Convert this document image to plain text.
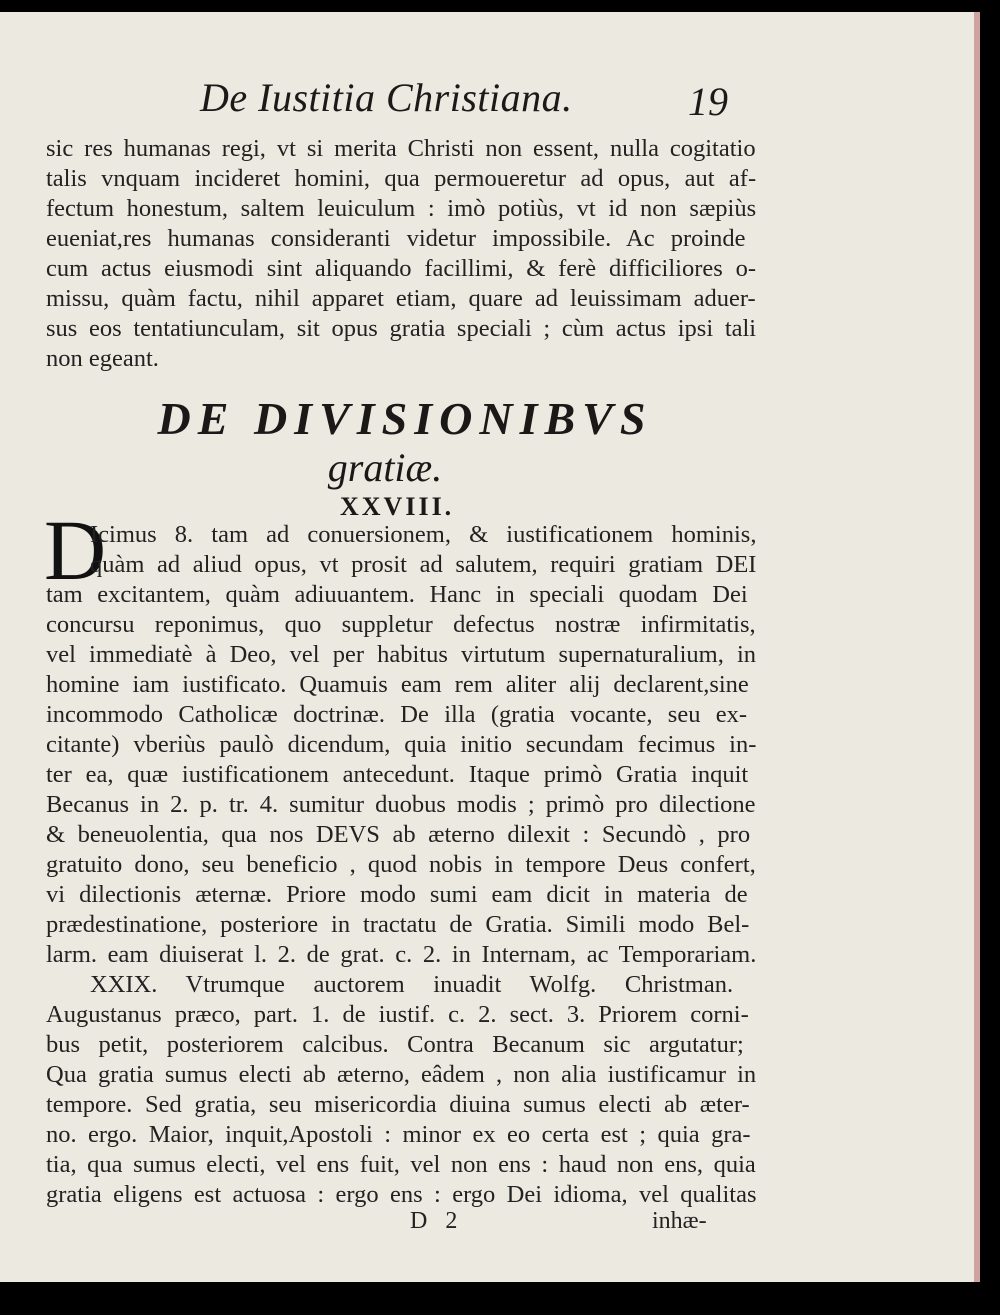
De Iustitia Christiana.	19
sic res humanas regi, vt si merita Christi non essent, nulla cogitatio
talis vnquam incideret homini, qua permoueretur ad opus, aut af-
fectum honestum, saltem leuiculum : imò potiùs, vt id non sæpiùs
eueniat,res humanas consideranti videtur impossibile. Ac proinde
cum actus eiusmodi sint aliquando facillimi, & ferè difficiliores o-
missu, quàm factu, nihil apparet etiam, quare ad leuissimam aduer-
sus eos tentatiunculam, sit opus gratia speciali ; cùm actus ipsi tali
non egeant.
DE DIVISIONIBVS
gratiæ.
XXVIII.
D
Icimus 8. tam ad conuersionem, & iustificationem hominis,
quàm ad aliud opus, vt prosit ad salutem, requiri gratiam DEI
tam excitantem, quàm adiuuantem. Hanc in speciali quodam Dei
concursu reponimus, quo suppletur defectus nostræ infirmitatis,
vel immediatè à Deo, vel per habitus virtutum supernaturalium, in
homine iam iustificato. Quamuis eam rem aliter alij declarent,sine
incommodo Catholicæ doctrinæ. De illa (gratia vocante, seu ex-
citante) vberiùs paulò dicendum, quia initio secundam fecimus in-
ter ea, quæ iustificationem antecedunt. Itaque primò Gratia inquit
Becanus in 2. p. tr. 4. sumitur duobus modis ; primò pro dilectione
& beneuolentia, qua nos DEVS ab æterno dilexit : Secundò , pro
gratuito dono, seu beneficio , quod nobis in tempore Deus confert,
vi dilectionis æternæ. Priore modo sumi eam dicit in materia de
prædestinatione, posteriore in tractatu de Gratia. Simili modo Bel-
larm. eam diuiserat l. 2. de grat. c. 2. in Internam, ac Temporariam.
XXIX. Vtrumque auctorem inuadit Wolfg. Christman.
Augustanus præco, part. 1. de iustif. c. 2. sect. 3. Priorem corni-
bus petit, posteriorem calcibus. Contra Becanum sic argutatur;
Qua gratia sumus electi ab æterno, eâdem , non alia iustificamur in
tempore. Sed gratia, seu misericordia diuina sumus electi ab æter-
no. ergo. Maior, inquit,Apostoli : minor ex eo certa est ; quia gra-
tia, qua sumus electi, vel ens fuit, vel non ens : haud non ens, quia
gratia eligens est actuosa : ergo ens : ergo Dei idioma, vel qualitas
D 2	inhæ-
